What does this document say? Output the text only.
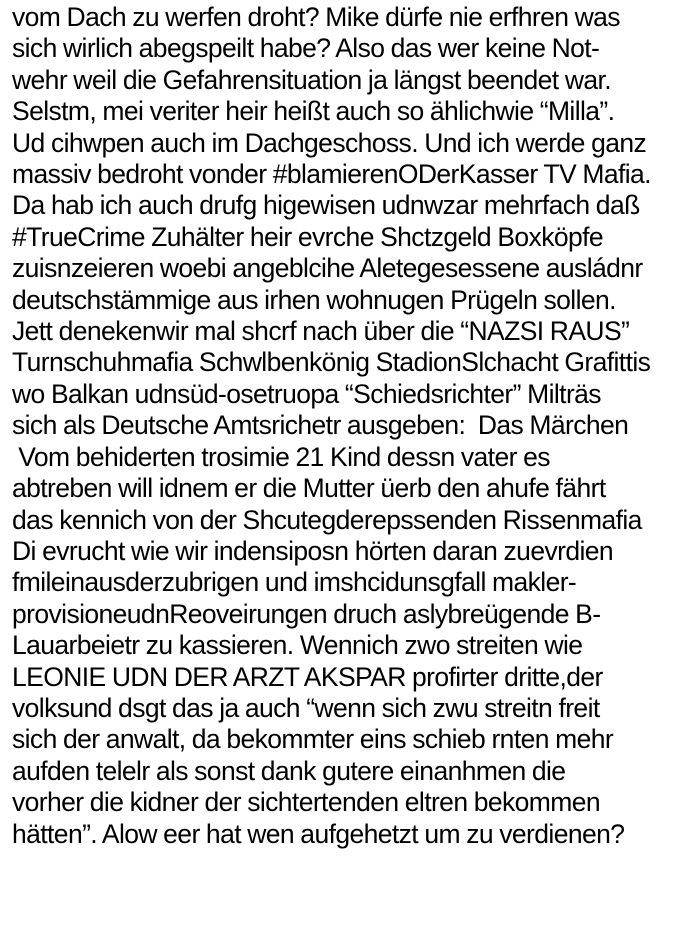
vom Dach zu werfen droht? Mike dürfe nie erfhren was
sich wirlich abegspeilt habe? Also das wer keine Not-
wehr weil die Gefahrensituation ja längst beendet war.
Selstm, mei veriter heir heißt auch so ählichwie “Milla”.
Ud cihwpen auch im Dachgeschoss. Und ich werde ganz
massiv bedroht vonder #blamierenODerKasser TV Mafia.
Da hab ich auch drufg higewisen udnwzar mehrfach daß
#TrueCrime Zuhälter heir evrche Shctzgeld Boxköpfe
zuisnzeieren woebi angeblcihe Aletegesessene ausládnr
deutschstämmige aus irhen wohnugen Prügeln sollen.
Jett denekenwir mal shcrf nach über die “NAZSI RAUS”
Turnschuhmafia Schwlbenkönig StadionSlchacht Grafittis
wo Balkan udnsüd-osetruopa “Schiedsrichter” Milträs
sich als Deutsche Amtsrichetr ausgeben:  Das Märchen
Vom behiderten trosimie 21 Kind dessn vater es
abtreben will idnem er die Mutter üerb den ahufe fährt
das kennich von der Shcutegderepssenden Rissenmafia
Di evrucht wie wir indensiposn hörten daran zuevrdien
fmileinausderzubrigen und imshcidunsgfall makler-
provisioneudnReoveirungen druch aslybreügende B-
Lauarbeietr zu kassieren. Wennich zwo streiten wie
LEONIE UDN DER ARZT AKSPAR profirter dritte,der
volksund dsgt das ja auch “wenn sich zwu streitn freit
sich der anwalt, da bekommter eins schieb rnten mehr
aufden telelr als sonst dank gutere einanhmen die
vorher die kidner der sichtertenden eltren bekommen
hätten”. Alow eer hat wen aufgehetzt um zu verdienen?
